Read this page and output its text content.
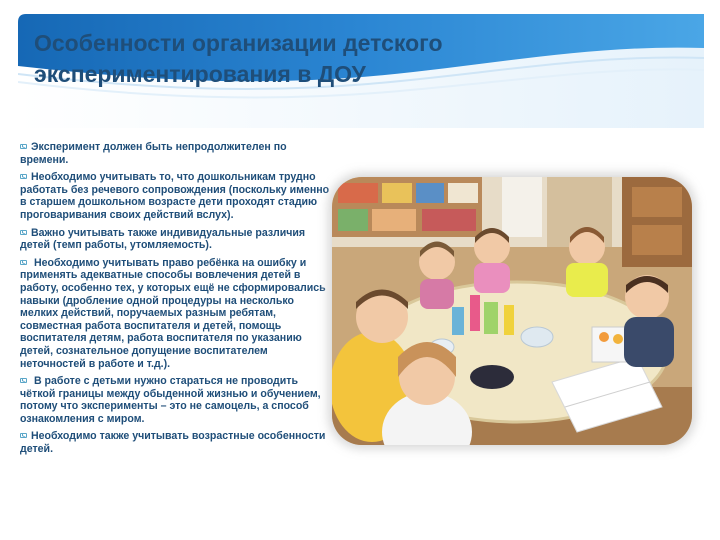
Особенности организации детского экспериментирования в ДОУ
Эксперимент должен быть непродолжителен по времени.
Необходимо учитывать то, что дошкольникам трудно работать без речевого сопровождения (поскольку именно в старшем дошкольном возрасте дети проходят стадию проговаривания своих действий вслух).
Важно учитывать также индивидуальные различия детей (темп работы, утомляемость).
Необходимо учитывать право ребёнка на ошибку и применять адекватные способы вовлечения детей в работу, особенно тех, у которых ещё не сформировались навыки (дробление одной процедуры на несколько мелких действий, поручаемых разным ребятам, совместная работа воспитателя и детей, помощь воспитателя детям, работа воспитателя по указанию детей, сознательное допущение воспитателем неточностей в работе и т.д.).
В работе с детьми нужно стараться не проводить чёткой границы между обыденной жизнью и обучением, потому что эксперименты – это не самоцель, а способ ознакомления с миром.
Необходимо также учитывать возрастные особенности детей.
